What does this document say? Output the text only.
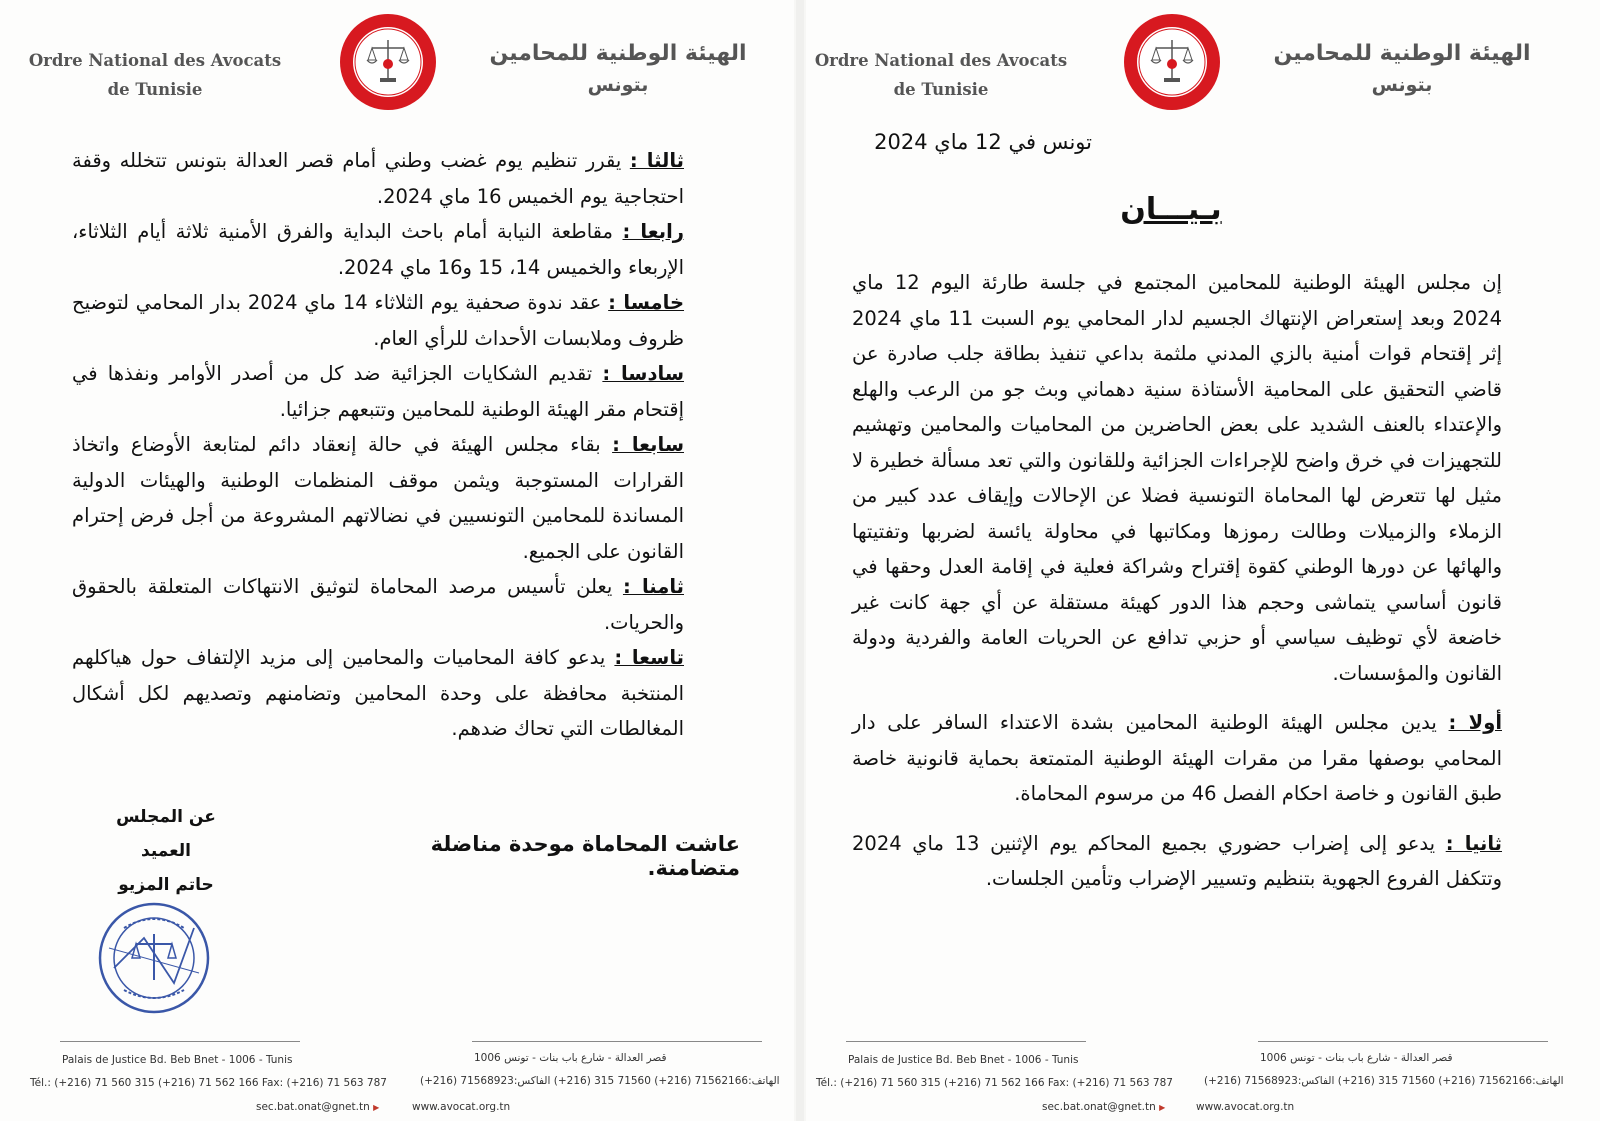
Ordre National des Avocats
de Tunisie
الهيئة الوطنية للمحامين
بتونس

ثالثا : يقرر تنظيم يوم غضب وطني أمام قصر العدالة بتونس تتخلله وقفة احتجاجية يوم الخميس 16 ماي 2024.

رابعا : مقاطعة النيابة أمام باحث البداية والفرق الأمنية ثلاثة أيام الثلاثاء، الإربعاء والخميس 14، 15 و16 ماي 2024.

خامسا : عقد ندوة صحفية يوم الثلاثاء 14 ماي 2024 بدار المحامي لتوضيح ظروف وملابسات الأحداث للرأي العام.

سادسا : تقديم الشكايات الجزائية ضد كل من أصدر الأوامر ونفذها في إقتحام مقر الهيئة الوطنية للمحامين وتتبعهم جزائيا.

سابعا : بقاء مجلس الهيئة في حالة إنعقاد دائم لمتابعة الأوضاع واتخاذ القرارات المستوجبة ويثمن موقف المنظمات الوطنية والهيئات الدولية المساندة للمحامين التونسيين في نضالاتهم المشروعة من أجل فرض إحترام القانون على الجميع.

ثامنا : يعلن تأسيس مرصد المحاماة لتوثيق الانتهاكات المتعلقة بالحقوق والحريات.

تاسعا : يدعو كافة المحاميات والمحامين إلى مزيد الإلتفاف حول هياكلهم المنتخبة محافظة على وحدة المحامين وتضامنهم وتصديهم لكل أشكال المغالطات التي تحاك ضدهم.

عن المجلس
العميد
حاتم المزيو
عاشت المحاماة موحدة مناضلة متضامنة.
Palais de Justice Bd. Beb Bnet - 1006 - Tunis
Tél.: (+216) 71 560 315 (+216) 71 562 166 Fax: (+216) 71 563 787
sec.bat.onat@gnet.tn ▶
قصر العدالة - شارع باب بنات - تونس 1006
الهاتف:71562166 (216+) 71560 315 (216+) الفاكس:71568923 (216+)
www.avocat.org.tn
Ordre National des Avocats
de Tunisie
الهيئة الوطنية للمحامين
بتونس
تونس في 12 ماي 2024
بـيـــان

إن مجلس الهيئة الوطنية للمحامين المجتمع في جلسة طارئة اليوم 12 ماي 2024 وبعد إستعراض الإنتهاك الجسيم لدار المحامي يوم السبت 11 ماي 2024 إثر إقتحام قوات أمنية بالزي المدني ملثمة بداعي تنفيذ بطاقة جلب صادرة عن قاضي التحقيق على المحامية الأستاذة سنية دهماني وبث جو من الرعب والهلع والإعتداء بالعنف الشديد على بعض الحاضرين من المحاميات والمحامين وتهشيم للتجهيزات في خرق واضح للإجراءات الجزائية وللقانون والتي تعد مسألة خطيرة لا مثيل لها تتعرض لها المحاماة التونسية فضلا عن الإحالات وإيقاف عدد كبير من الزملاء والزميلات وطالت رموزها ومكاتبها في محاولة يائسة لضربها وتفتيتها والهائها عن دورها الوطني كقوة إقتراح وشراكة فعلية في إقامة العدل وحقها في قانون أساسي يتماشى وحجم هذا الدور كهيئة مستقلة عن أي جهة كانت غير خاضعة لأي توظيف سياسي أو حزبي تدافع عن الحريات العامة والفردية ودولة القانون والمؤسسات.

أولا : يدين مجلس الهيئة الوطنية المحامين بشدة الاعتداء السافر على دار المحامي بوصفها مقرا من مقرات الهيئة الوطنية المتمتعة بحماية قانونية خاصة طبق القانون و خاصة احكام الفصل 46 من مرسوم المحاماة.

ثانيا : يدعو إلى إضراب حضوري بجميع المحاكم يوم الإثنين 13 ماي 2024 وتتكفل الفروع الجهوية بتنظيم وتسيير الإضراب وتأمين الجلسات.

Palais de Justice Bd. Beb Bnet - 1006 - Tunis
Tél.: (+216) 71 560 315 (+216) 71 562 166 Fax: (+216) 71 563 787
sec.bat.onat@gnet.tn ▶
قصر العدالة - شارع باب بنات - تونس 1006
الهاتف:71562166 (216+) 71560 315 (216+) الفاكس:71568923 (216+)
www.avocat.org.tn
